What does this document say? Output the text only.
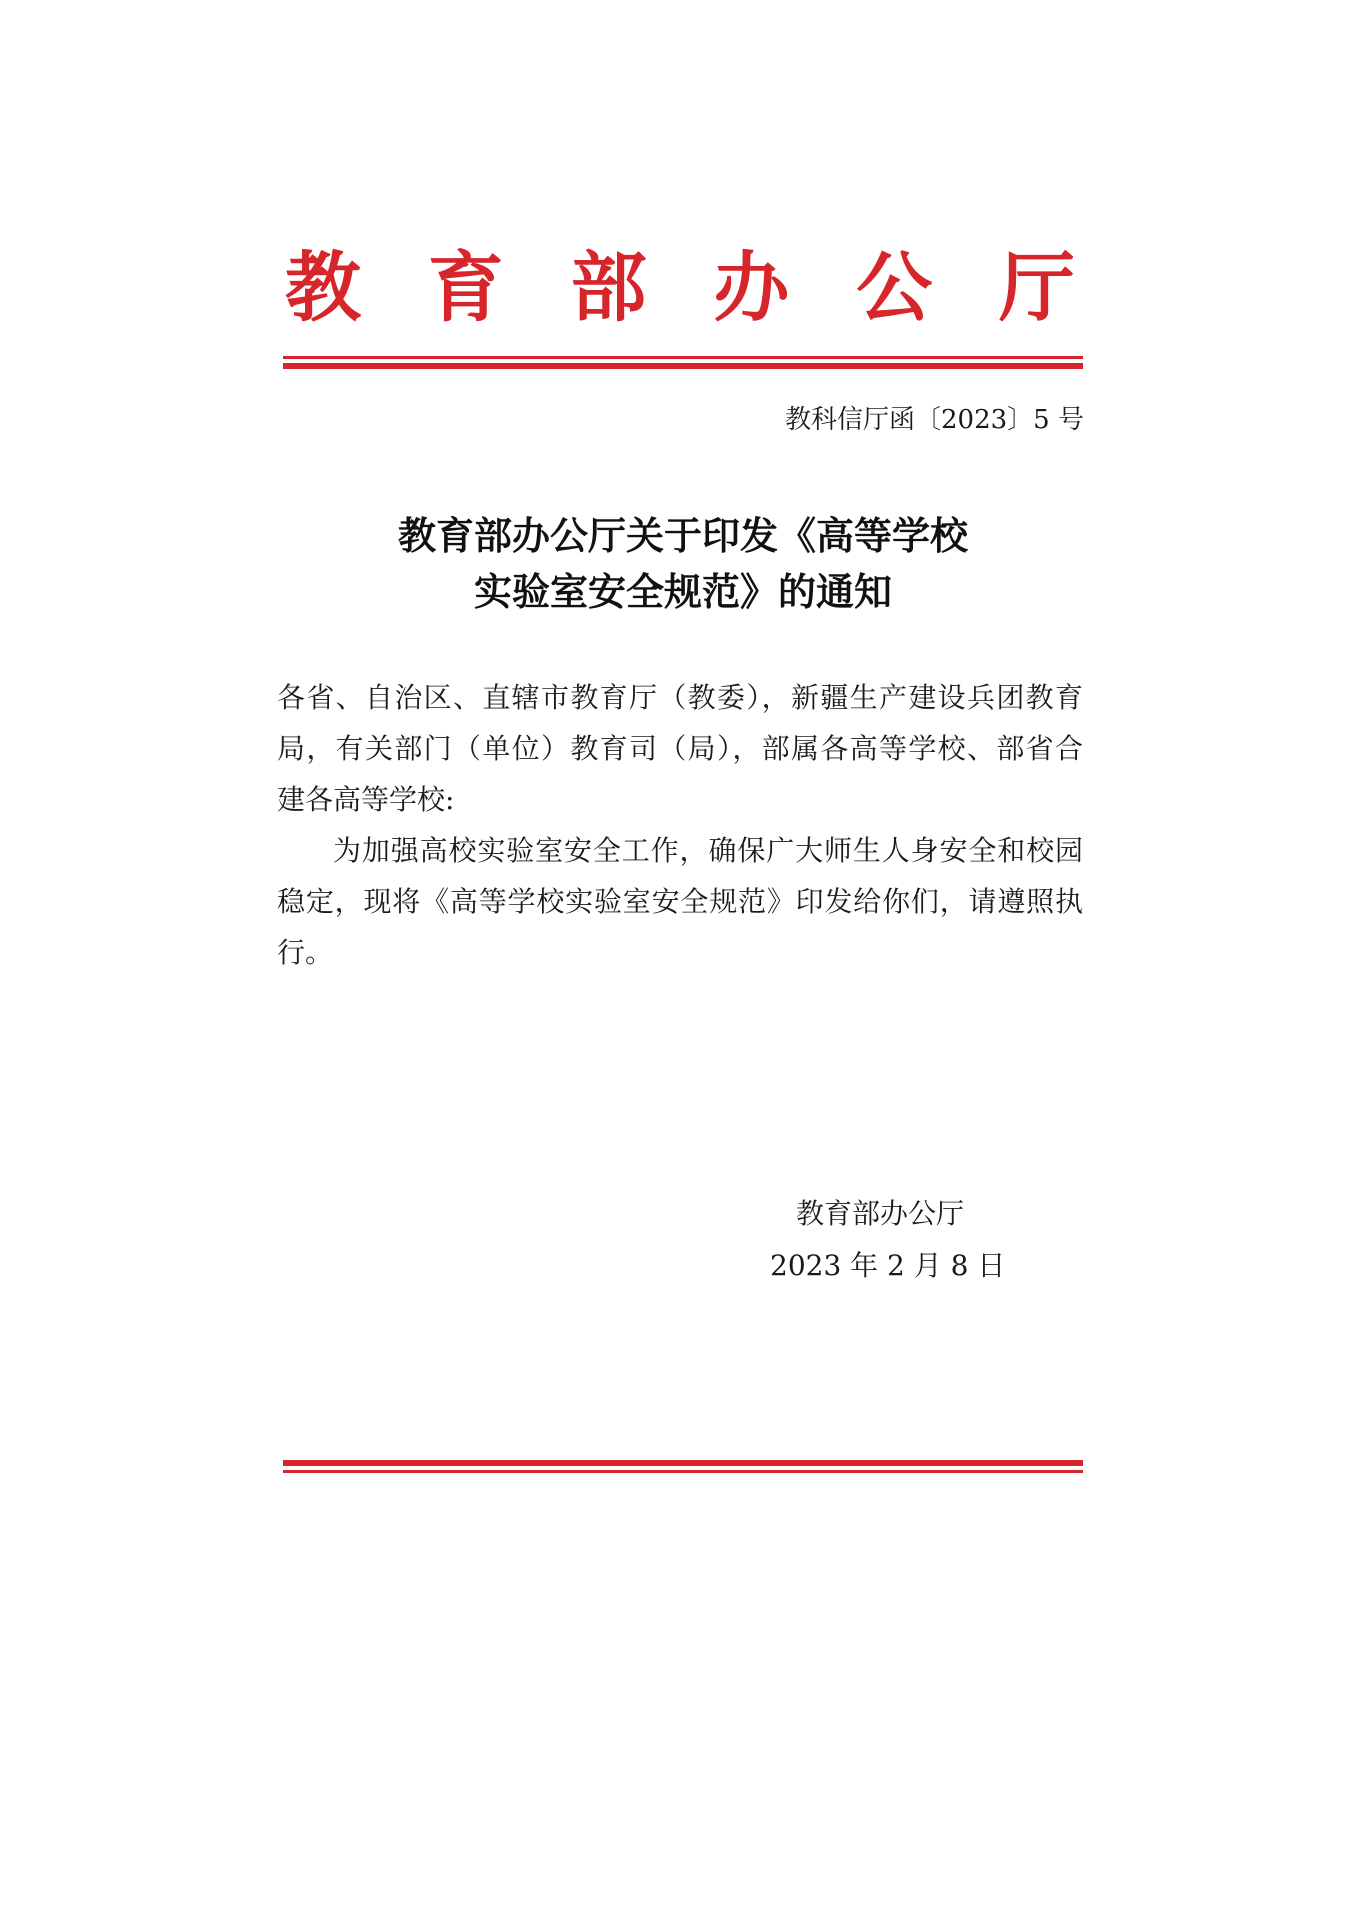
教 育 部 办 公 厅
教科信厅函〔2023〕5 号
教育部办公厅关于印发《高等学校
实验室安全规范》的通知

各省、自治区、直辖市教育厅（教委），新疆生产建设兵团教育
局，有关部门（单位）教育司（局），部属各高等学校、部省合
建各高等学校:

为加强高校实验室安全工作，确保广大师生人身安全和校园
稳定，现将《高等学校实验室安全规范》印发给你们，请遵照执
行。

教育部办公厅
2023 年 2 月 8 日
